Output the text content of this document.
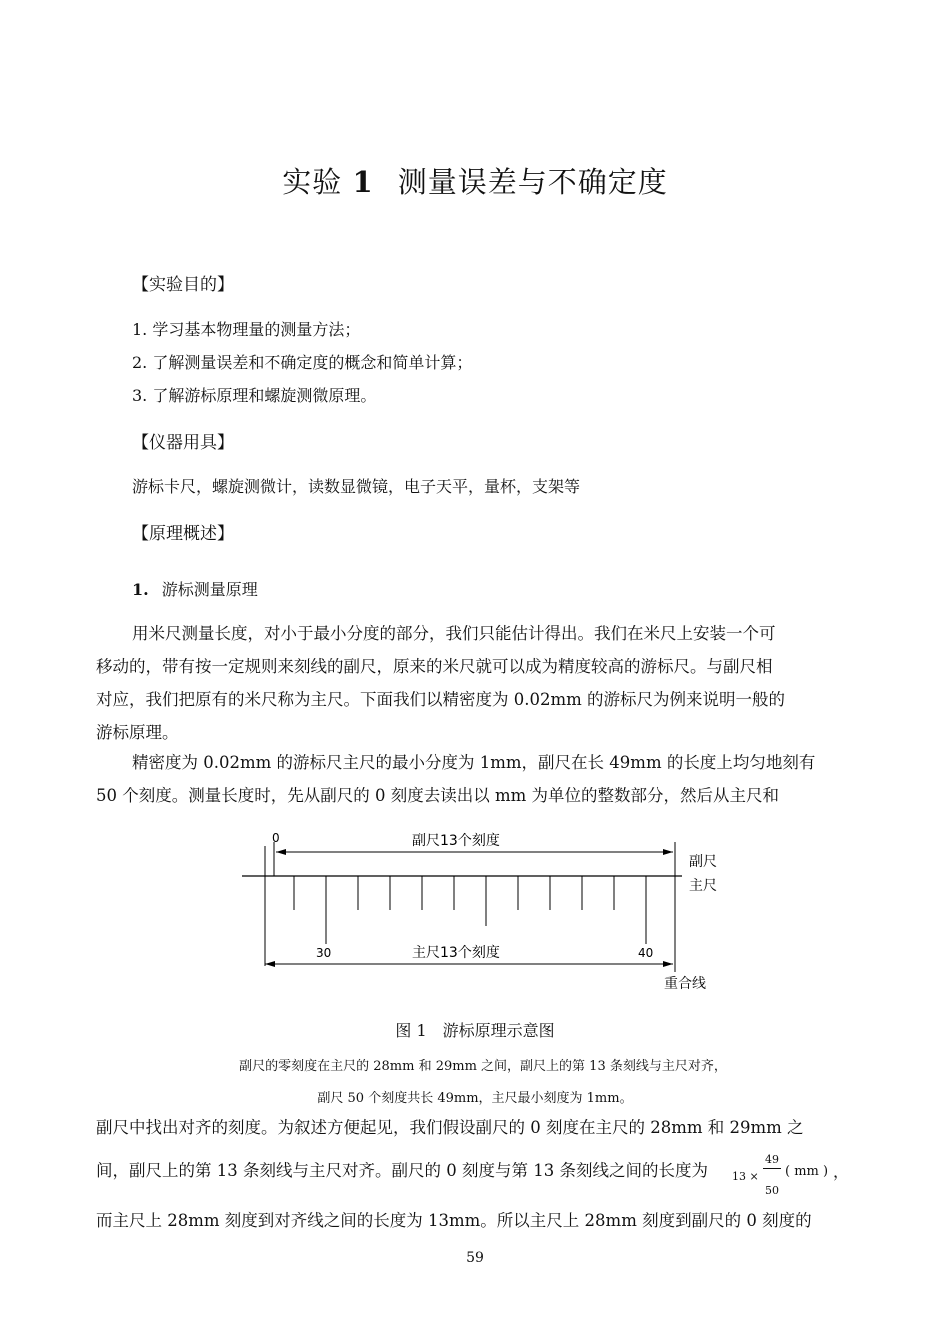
实验 1 测量误差与不确定度
【实验目的】
1. 学习基本物理量的测量方法；
2. 了解测量误差和不确定度的概念和简单计算；
3. 了解游标原理和螺旋测微原理。
【仪器用具】
游标卡尺，螺旋测微计，读数显微镜，电子天平，量杯，支架等
【原理概述】
1. 游标测量原理
用米尺测量长度，对小于最小分度的部分，我们只能估计得出。我们在米尺上安装一个可
移动的，带有按一定规则来刻线的副尺，原来的米尺就可以成为精度较高的游标尺。与副尺相
对应，我们把原有的米尺称为主尺。下面我们以精密度为 0.02mm 的游标尺为例来说明一般的
游标原理。
精密度为 0.02mm 的游标尺主尺的最小分度为 1mm，副尺在长 49mm 的长度上均匀地刻有
50 个刻度。测量长度时，先从副尺的 0 刻度去读出以 mm 为单位的整数部分，然后从主尺和
0	副尺13个刻度
副尺
主尺
30	40
主尺13个刻度
重合线
图 1　游标原理示意图
副尺的零刻度在主尺的 28mm 和 29mm 之间，副尺上的第 13 条刻线与主尺对齐，
副尺 50 个刻度共长 49mm，主尺最小刻度为 1mm。
副尺中找出对齐的刻度。为叙述方便起见，我们假设副尺的 0 刻度在主尺的 28mm 和 29mm 之
间，副尺上的第 13 条刻线与主尺对齐。副尺的 0 刻度与第 13 条刻线之间的长度为 13 ×
49
50
( mm ) ，
而主尺上 28mm 刻度到对齐线之间的长度为 13mm。所以主尺上 28mm 刻度到副尺的 0 刻度的
59
